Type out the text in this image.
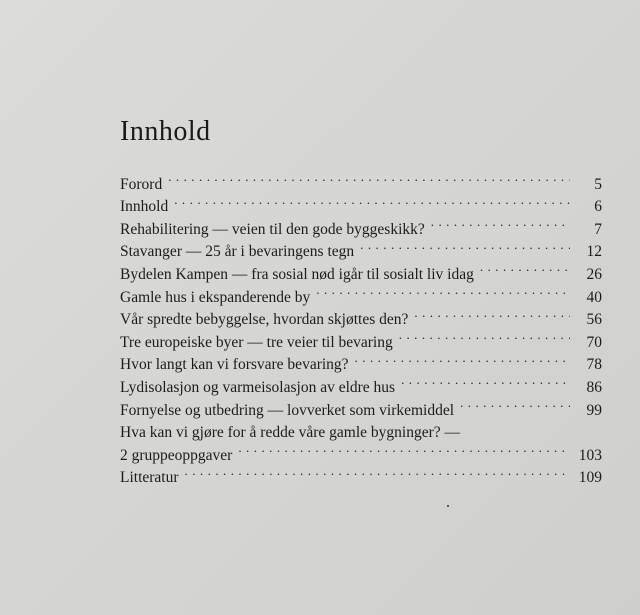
Innhold
Forord . . .	5
Innhold . . .	6
Rehabilitering — veien til den gode byggeskikk? . . .	7
Stavanger — 25 år i bevaringens tegn . . .	12
Bydelen Kampen — fra sosial nød igår til sosialt liv idag . . .	26
Gamle hus i ekspanderende by . . .	40
Vår spredte bebyggelse, hvordan skjøttes den? . . .	56
Tre europeiske byer — tre veier til bevaring . . .	70
Hvor langt kan vi forsvare bevaring? . . .	78
Lydisolasjon og varmeisolasjon av eldre hus . . .	86
Fornyelse og utbedring — lovverket som virkemiddel . . .	99
Hva kan vi gjøre for å redde våre gamle bygninger? —
2 gruppeoppgaver . . .	103
Litteratur . . .	109
